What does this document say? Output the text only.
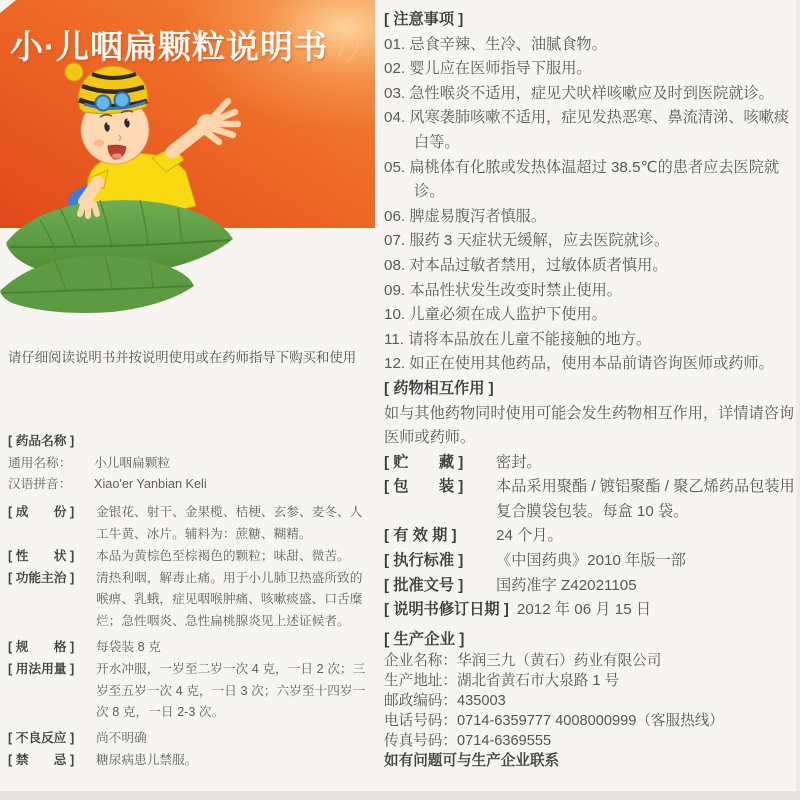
小·儿咽扁颗粒说明书
请仔细阅读说明书并按说明使用或在药师指导下购买和使用
[ 药品名称 ]
通用名称：	小儿咽扁颗粒
汉语拼音：	Xiao'er Yanbian Keli
[ 成　　份 ]	金银花、射干、金果榄、桔梗、玄参、麦冬、人工牛黄、冰片。辅料为：蔗糖、糊精。
[ 性　　状 ]	本品为黄棕色至棕褐色的颗粒；味甜、微苦。
[ 功能主治 ]	清热利咽，解毒止痛。用于小儿肺卫热盛所致的喉痹、乳蛾，症见咽喉肿痛、咳嗽痰盛、口舌糜烂；急性咽炎、急性扁桃腺炎见上述证候者。
[ 规　　格 ]	每袋装 8 克
[ 用法用量 ]	开水冲服，一岁至二岁一次 4 克，一日 2 次；三岁至五岁一次 4 克，一日 3 次；六岁至十四岁一次 8 克，一日 2-3 次。
[ 不良反应 ]	尚不明确
[ 禁　　忌 ]	糖尿病患儿禁服。
[ 注意事项 ]
01. 忌食辛辣、生冷、油腻食物。
02. 婴儿应在医师指导下服用。
03. 急性喉炎不适用，症见犬吠样咳嗽应及时到医院就诊。
04. 风寒袭肺咳嗽不适用，症见发热恶寒、鼻流清涕、咳嗽痰白等。
05. 扁桃体有化脓或发热体温超过 38.5℃的患者应去医院就诊。
06. 脾虚易腹泻者慎服。
07. 服药 3 天症状无缓解，应去医院就诊。
08. 对本品过敏者禁用，过敏体质者慎用。
09. 本品性状发生改变时禁止使用。
10. 儿童必须在成人监护下使用。
11. 请将本品放在儿童不能接触的地方。
12. 如正在使用其他药品，使用本品前请咨询医师或药师。
[ 药物相互作用 ]
如与其他药物同时使用可能会发生药物相互作用，详情请咨询医师或药师。
[ 贮　　藏 ]	密封。
[ 包　　装 ]	本品采用聚酯 / 镀铝聚酯 / 聚乙烯药品包装用复合膜袋包装。每盒 10 袋。
[ 有 效 期 ]	24 个月。
[ 执行标准 ]	《中国药典》2010 年版一部
[ 批准文号 ]	国药准字 Z42021105
[ 说明书修订日期 ] 2012 年 06 月 15 日
[ 生产企业 ]
企业名称： 华润三九（黄石）药业有限公司
生产地址： 湖北省黄石市大泉路 1 号
邮政编码： 435003
电话号码： 0714-6359777 4008000999（客服热线）
传真号码： 0714-6369555
如有问题可与生产企业联系
